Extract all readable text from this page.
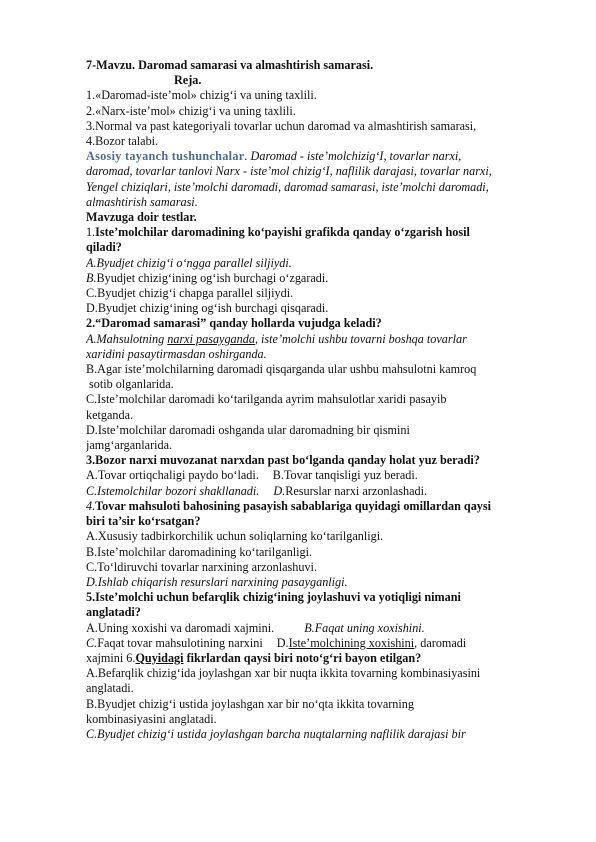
7-Mavzu. Daromad samarasi va almashtirish samarasi.
Reja.
1.«Daromad-iste’mol» chizig‘i va uning taxlili.
2.«Narx-iste’mol» chizig‘i va uning taxlili.
3.Normal va past kategoriyali tovarlar uchun daromad va almashtirish samarasi,
4.Bozor talabi.
Asosiy tayanch tushunchalar. Daromad - iste’molchizig‘I, tovarlar narxi,
daromad, tovarlar tanlovi Narx - iste’mol chizig‘I, naflilik darajasi, tovarlar narxi,
Yengel chiziqlari, iste’molchi daromadi, daromad samarasi, iste’molchi daromadi,
almashtirish samarasi.
Mavzuga doir testlar.
1.Iste’molchilar daromadining ko‘payishi grafikda qanday o‘zgarish hosil
qiladi?
A.Byudjet chizig‘i o‘ngga parallel siljiydi.
B.Byudjet chizig‘ining og‘ish burchagi o‘zgaradi.
C.Byudjet chizig‘i chapga parallel siljiydi.
D.Byudjet chizig‘ining og‘ish burchagi qisqaradi.
2.“Daromad samarasi” qanday hollarda vujudga keladi?
A.Mahsulotning narxi pasayganda, iste’molchi ushbu tovarni boshqa tovarlar
xaridini pasaytirmasdan oshirganda.
B.Agar iste’molchilarning daromadi qisqarganda ular ushbu mahsulotni kamroq
sotib olganlarida.
C.Iste’molchilar daromadi ko‘tarilganda ayrim mahsulotlar xaridi pasayib
ketganda.
D.Iste’molchilar daromadi oshganda ular daromadning bir qismini
jamg‘arganlarida.
3.Bozor narxi muvozanat narxdan past bo‘lganda qanday holat yuz beradi?
A.Tovar ortiqchaligi paydo bo‘ladi. B.Tovar tanqisligi yuz beradi.
C.Istemolchilar bozori shakllanadi. D.Resurslar narxi arzonlashadi.
4.Tovar mahsuloti bahosining pasayish sabablariga quyidagi omillardan qaysi
biri ta’sir ko‘rsatgan?
A.Xususiy tadbirkorchilik uchun soliqlarning ko‘tarilganligi.
B.Iste’molchilar daromadining ko‘tarilganligi.
C.To‘ldiruvchi tovarlar narxining arzonlashuvi.
D.Ishlab chiqarish resurslari narxining pasayganligi.
5.Iste’molchi uchun befarqlik chizig‘ining joylashuvi va yotiqligi nimani
anglatadi?
A.Uning xoxishi va daromadi xajmini. B.Faqat uning xoxishini.
C.Faqat tovar mahsulotining narxini D.Iste’molchining xoxishini, daromadi
xajmini 6.Quyidagi fikrlardan qaysi biri noto‘g‘ri bayon etilgan?
A.Befarqlik chizig‘ida joylashgan xar bir nuqta ikkita tovarning kombinasiyasini
anglatadi.
B.Byudjet chizig‘i ustida joylashgan xar bir no‘qta ikkita tovarning
kombinasiyasini anglatadi.
C.Byudjet chizig‘i ustida joylashgan barcha nuqtalarning naflilik darajasi bir
